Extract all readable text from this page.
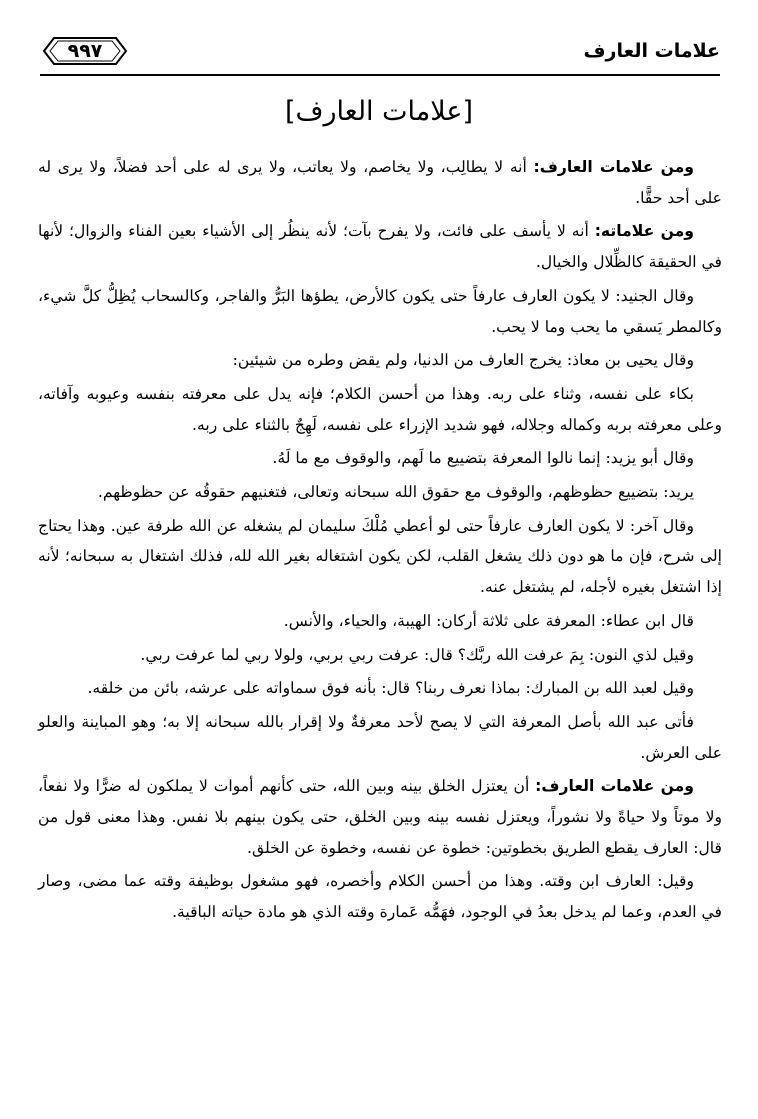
٩٩٧	علامات العارف
[علامات العارف]

ومن علامات العارف: أنه لا يطالِب، ولا يخاصم، ولا يعاتب، ولا يرى له على أحد فضلاً، ولا يرى له على أحد حقًّا.

ومن علاماته: أنه لا يأسف على فائت، ولا يفرح بآت؛ لأنه ينظُر إلى الأشياء بعين الفناء والزوال؛ لأنها في الحقيقة كالظِّلال والخيال.

وقال الجنيد: لا يكون العارف عارفاً حتى يكون كالأرض، يطؤها البَرُّ والفاجر، وكالسحاب يُظِلُّ كلَّ شيء، وكالمطر يَسقي ما يحب وما لا يحب.

وقال يحيى بن معاذ: يخرج العارف من الدنيا، ولم يقض وطره من شيئين:

بكاء على نفسه، وثناء على ربه. وهذا من أحسن الكلام؛ فإنه يدل على معرفته بنفسه وعيوبه وآفاته، وعلى معرفته بربه وكماله وجلاله، فهو شديد الإزراء على نفسه، لَهِجٌ بالثناء على ربه.

وقال أبو يزيد: إنما نالوا المعرفة بتضييع ما لَهم، والوقوف مع ما لَهُ.

يريد: بتضييع حظوظهم، والوقوف مع حقوق الله سبحانه وتعالى، فتغنيهم حقوقُه عن حظوظهم.

وقال آخر: لا يكون العارف عارفاً حتى لو أعطي مُلْكَ سليمان لم يشغله عن الله طرفة عين. وهذا يحتاج إلى شرح، فإن ما هو دون ذلك يشغل القلب، لكن يكون اشتغاله بغير الله لله، فذلك اشتغال به سبحانه؛ لأنه إذا اشتغل بغيره لأجله، لم يشتغل عنه.

قال ابن عطاء: المعرفة على ثلاثة أركان: الهيبة، والحياء، والأنس.

وقيل لذي النون: بِمَ عرفت الله ربَّك؟ قال: عرفت ربي بربي، ولولا ربي لما عرفت ربي.

وقيل لعبد الله بن المبارك: بماذا نعرف ربنا؟ قال: بأنه فوق سماواته على عرشه، بائن من خلقه.

فأتى عبد الله بأصل المعرفة التي لا يصح لأحد معرفةٌ ولا إقرار بالله سبحانه إلا به؛ وهو المباينة والعلو على العرش.

ومن علامات العارف: أن يعتزل الخلق بينه وبين الله، حتى كأنهم أموات لا يملكون له ضرًّا ولا نفعاً، ولا موتاً ولا حياةً ولا نشوراً، ويعتزل نفسه بينه وبين الخلق، حتى يكون بينهم بلا نفس. وهذا معنى قول من قال: العارف يقطع الطريق بخطوتين: خطوة عن نفسه، وخطوة عن الخلق.

وقيل: العارف ابن وقته. وهذا من أحسن الكلام وأخصره، فهو مشغول بوظيفة وقته عما مضى، وصار في العدم، وعما لم يدخل بعدُ في الوجود، فهَمُّه عَمارة وقته الذي هو مادة حياته الباقية.
